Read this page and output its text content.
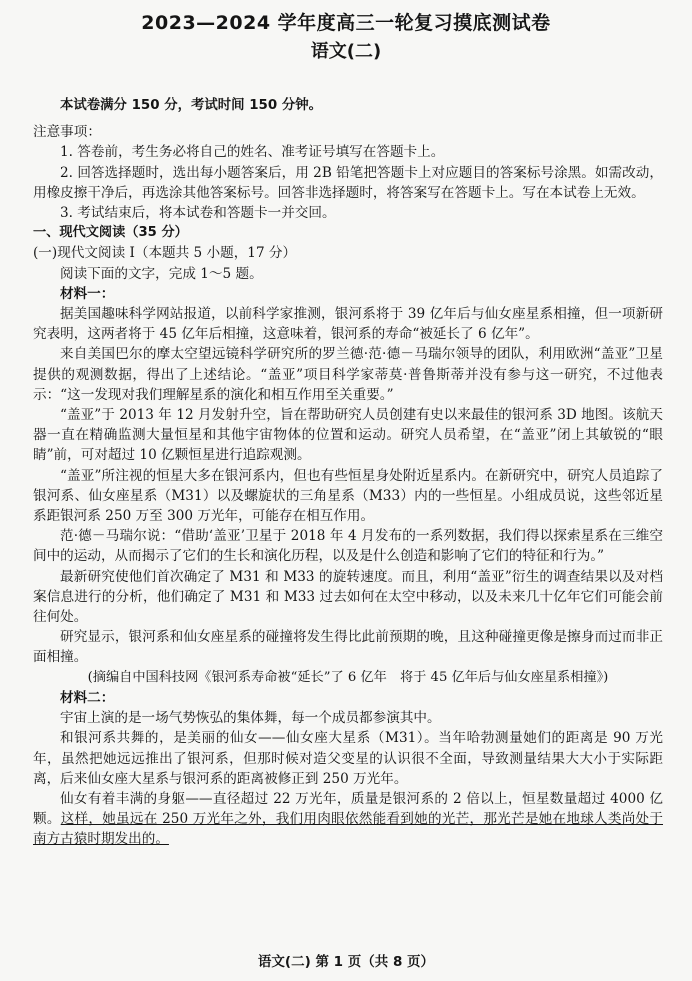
2023—2024 学年度高三一轮复习摸底测试卷
语文(二)

本试卷满分 150 分，考试时间 150 分钟。

注意事项：

1. 答卷前，考生务必将自己的姓名、准考证号填写在答题卡上。

2. 回答选择题时，选出每小题答案后，用 2B 铅笔把答题卡上对应题目的答案标号涂黑。如需改动，用橡皮擦干净后，再选涂其他答案标号。回答非选择题时，将答案写在答题卡上。写在本试卷上无效。

3. 考试结束后，将本试卷和答题卡一并交回。

一、现代文阅读（35 分）

(一)现代文阅读 I（本题共 5 小题，17 分）

阅读下面的文字，完成 1～5 题。

材料一：

据美国趣味科学网站报道，以前科学家推测，银河系将于 39 亿年后与仙女座星系相撞，但一项新研究表明，这两者将于 45 亿年后相撞，这意味着，银河系的寿命“被延长了 6 亿年”。

来自美国巴尔的摩太空望远镜科学研究所的罗兰德·范·德－马瑞尔领导的团队，利用欧洲“盖亚”卫星提供的观测数据，得出了上述结论。“盖亚”项目科学家蒂莫·普鲁斯蒂并没有参与这一研究，不过他表示：“这一发现对我们理解星系的演化和相互作用至关重要。”

“盖亚”于 2013 年 12 月发射升空，旨在帮助研究人员创建有史以来最佳的银河系 3D 地图。该航天器一直在精确监测大量恒星和其他宇宙物体的位置和运动。研究人员希望，在“盖亚”闭上其敏锐的“眼睛”前，可对超过 10 亿颗恒星进行追踪观测。

“盖亚”所注视的恒星大多在银河系内，但也有些恒星身处附近星系内。在新研究中，研究人员追踪了银河系、仙女座星系（M31）以及螺旋状的三角星系（M33）内的一些恒星。小组成员说，这些邻近星系距银河系 250 万至 300 万光年，可能存在相互作用。

范·德－马瑞尔说：“借助‘盖亚’卫星于 2018 年 4 月发布的一系列数据，我们得以探索星系在三维空间中的运动，从而揭示了它们的生长和演化历程，以及是什么创造和影响了它们的特征和行为。”

最新研究使他们首次确定了 M31 和 M33 的旋转速度。而且，利用“盖亚”衍生的调查结果以及对档案信息进行的分析，他们确定了 M31 和 M33 过去如何在太空中移动，以及未来几十亿年它们可能会前往何处。

研究显示，银河系和仙女座星系的碰撞将发生得比此前预期的晚，且这种碰撞更像是擦身而过而非正面相撞。

(摘编自中国科技网《银河系寿命被“延长”了 6 亿年　将于 45 亿年后与仙女座星系相撞》)

材料二：

宇宙上演的是一场气势恢弘的集体舞，每一个成员都参演其中。

和银河系共舞的，是美丽的仙女——仙女座大星系（M31）。当年哈勃测量她们的距离是 90 万光年，虽然把她远远推出了银河系，但那时候对造父变星的认识很不全面，导致测量结果大大小于实际距离，后来仙女座大星系与银河系的距离被修正到 250 万光年。

仙女有着丰满的身躯——直径超过 22 万光年，质量是银河系的 2 倍以上，恒星数量超过 4000 亿颗。这样，她虽远在 250 万光年之外，我们用肉眼依然能看到她的光芒，那光芒是她在地球人类尚处于南方古猿时期发出的。

语文(二) 第 1 页（共 8 页）
